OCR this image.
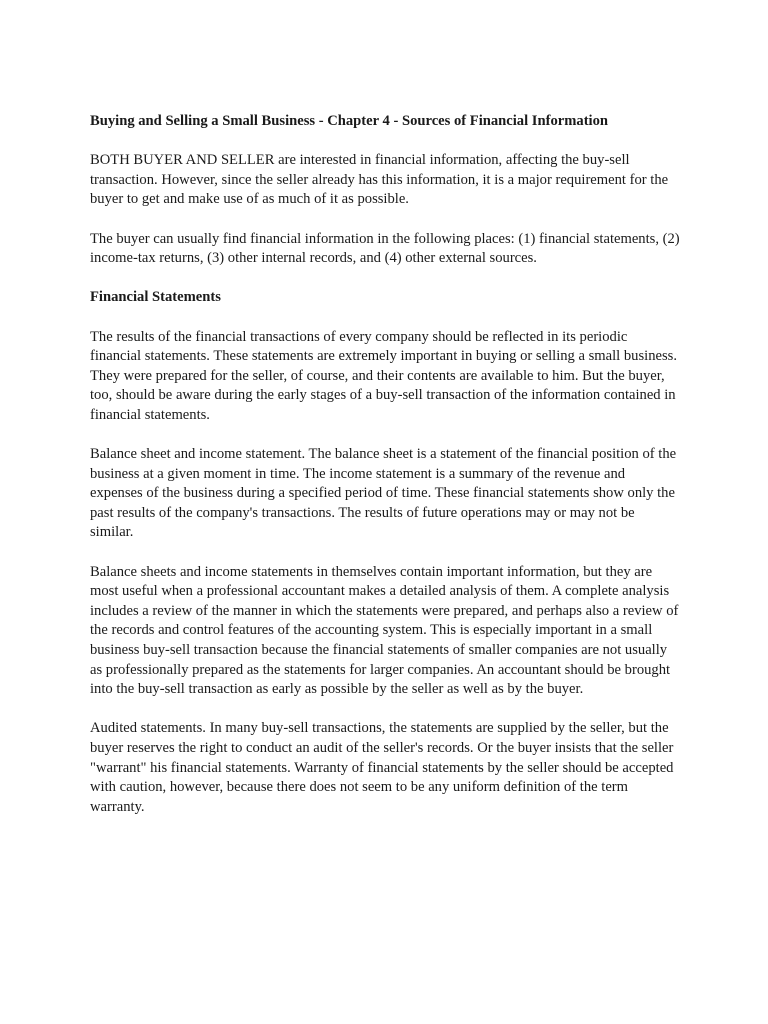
Buying and Selling a Small Business - Chapter 4 - Sources of Financial Information

BOTH BUYER AND SELLER are interested in financial information, affecting the buy-sell transaction. However, since the seller already has this information, it is a major requirement for the buyer to get and make use of as much of it as possible.

The buyer can usually find financial information in the following places: (1) financial statements, (2) income-tax returns, (3) other internal records, and (4) other external sources.

Financial Statements

The results of the financial transactions of every company should be reflected in its periodic financial statements. These statements are extremely important in buying or selling a small business. They were prepared for the seller, of course, and their contents are available to him. But the buyer, too, should be aware during the early stages of a buy-sell transaction of the information contained in financial statements.

Balance sheet and income statement. The balance sheet is a statement of the financial position of the business at a given moment in time. The income statement is a summary of the revenue and expenses of the business during a specified period of time. These financial statements show only the past results of the company's transactions. The results of future operations may or may not be similar.

Balance sheets and income statements in themselves contain important information, but they are most useful when a professional accountant makes a detailed analysis of them. A complete analysis includes a review of the manner in which the statements were prepared, and perhaps also a review of the records and control features of the accounting system. This is especially important in a small business buy-sell transaction because the financial statements of smaller companies are not usually as professionally prepared as the statements for larger companies. An accountant should be brought into the buy-sell transaction as early as possible by the seller as well as by the buyer.

Audited statements. In many buy-sell transactions, the statements are supplied by the seller, but the buyer reserves the right to conduct an audit of the seller's records. Or the buyer insists that the seller "warrant" his financial statements. Warranty of financial statements by the seller should be accepted with caution, however, because there does not seem to be any uniform definition of the term warranty.
